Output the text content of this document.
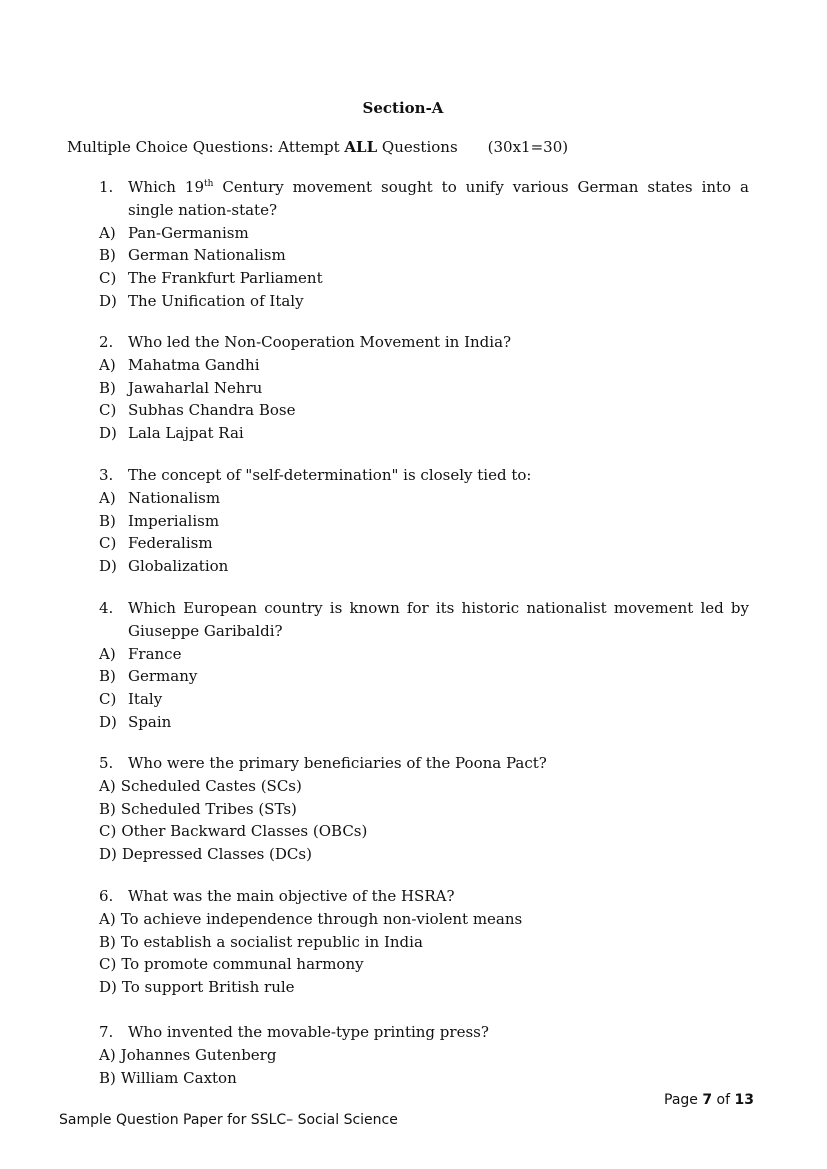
Section-A
Multiple Choice Questions: Attempt ALL Questions (30x1=30)
1. Which 19th Century movement sought to unify various German states into a single nation-state?
A) Pan-Germanism
B) German Nationalism
C) The Frankfurt Parliament
D) The Unification of Italy
2. Who led the Non-Cooperation Movement in India?
A) Mahatma Gandhi
B) Jawaharlal Nehru
C) Subhas Chandra Bose
D) Lala Lajpat Rai
3. The concept of "self-determination" is closely tied to:
A) Nationalism
B) Imperialism
C) Federalism
D) Globalization
4. Which European country is known for its historic nationalist movement led by Giuseppe Garibaldi?
A) France
B) Germany
C) Italy
D) Spain
5. Who were the primary beneficiaries of the Poona Pact?
A) Scheduled Castes (SCs)
B) Scheduled Tribes (STs)
C) Other Backward Classes (OBCs)
D) Depressed Classes (DCs)
6. What was the main objective of the HSRA?
A) To achieve independence through non-violent means
B) To establish a socialist republic in India
C) To promote communal harmony
D) To support British rule
7. Who invented the movable-type printing press?
A) Johannes Gutenberg
B) William Caxton
Page 7 of 13
Sample Question Paper for SSLC– Social Science
